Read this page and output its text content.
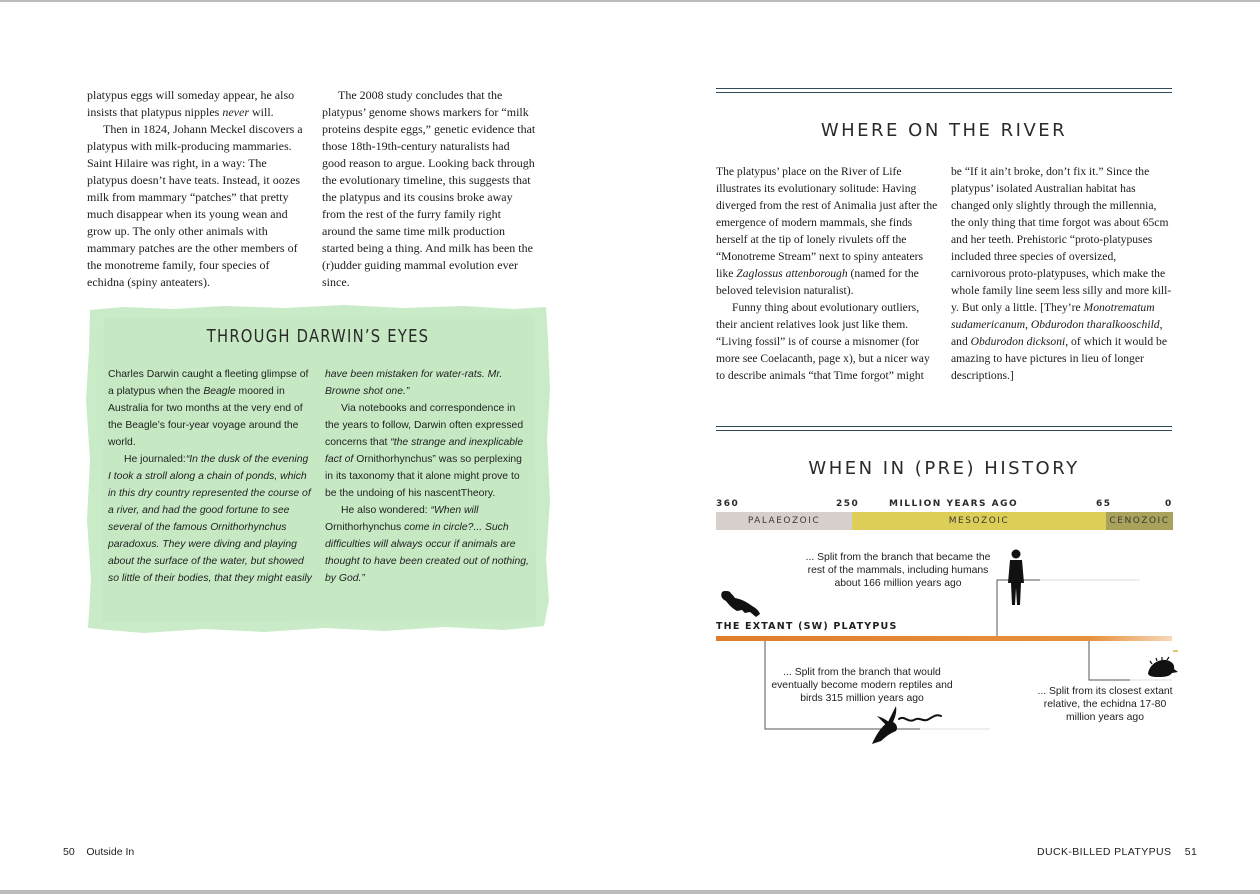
platypus eggs will someday appear, he also insists that platypus nipples never will.

Then in 1824, Johann Meckel discovers a platypus with milk-producing mammaries. Saint Hilaire was right, in a way: The platypus doesn’t have teats. Instead, it oozes milk from mammary “patches” that pretty much disappear when its young wean and grow up. The only other animals with mammary patches are the other members of the monotreme family, four species of echidna (spiny anteaters).

The 2008 study concludes that the platypus’ genome shows markers for “milk proteins despite eggs,” genetic evidence that those 18th-19th-century naturalists had good reason to argue. Looking back through the evolutionary timeline, this suggests that the platypus and its cousins broke away from the rest of the furry family right around the same time milk production started being a thing. And milk has been the (r)udder guiding mammal evolution ever since.

THROUGH DARWIN’S EYES

Charles Darwin caught a fleeting glimpse of a platypus when the Beagle moored in Australia for two months at the very end of the Beagle’s four-year voyage around the world.

He journaled:“In the dusk of the evening I took a stroll along a chain of ponds, which in this dry country represented the course of a river, and had the good fortune to see several of the famous Ornithorhynchus paradoxus. They were diving and playing about the surface of the water, but showed so little of their bodies, that they might easily

have been mistaken for water-rats. Mr. Browne shot one.”

Via notebooks and correspondence in the years to follow, Darwin often expressed concerns that “the strange and inexplicable fact of Ornithorhynchus” was so perplexing in its taxonomy that it alone might prove to be the undoing of his nascentTheory.

He also wondered: “When will Ornithorhynchus come in circle?... Such difficulties will always occur if animals are thought to have been created out of nothing, by God.”

50 Outside In
WHERE ON THE RIVER

The platypus’ place on the River of Life illustrates its evolutionary solitude: Having diverged from the rest of Animalia just after the emergence of modern mammals, she finds herself at the tip of lonely rivulets off the “Monotreme Stream” next to spiny anteaters like Zaglossus attenborough (named for the beloved television naturalist).

Funny thing about evolutionary outliers, their ancient relatives look just like them. “Living fossil” is of course a misnomer (for more see Coelacanth, page x), but a nicer way to describe animals “that Time forgot” might

be “If it ain’t broke, don’t fix it.” Since the platypus’ isolated Australian habitat has changed only slightly through the millennia, the only thing that time forgot was about 65cm and her teeth. Prehistoric “proto-platypuses included three species of oversized, carnivorous proto-platypuses, which make the whole family line seem less silly and more kill-y. But only a little. [They’re Monotrematum sudamericanum, Obdurodon tharalkooschild, and Obdurodon dicksoni, of which it would be amazing to have pictures in lieu of longer descriptions.]

WHEN IN (PRE) HISTORY
360	250	MILLION YEARS AGO	65	0
PALAEOZOIC	MESOZOIC	CENOZOIC
... Split from the branch that became the rest of the mammals, including humans about 166 million years ago
... Split from the branch that would eventually become modern reptiles and birds 315 million years ago
... Split from its closest extant relative, the echidna 17-80 million years ago
THE EXTANT (SW) PLATYPUS
DUCK-BILLED PLATYPUS 51
